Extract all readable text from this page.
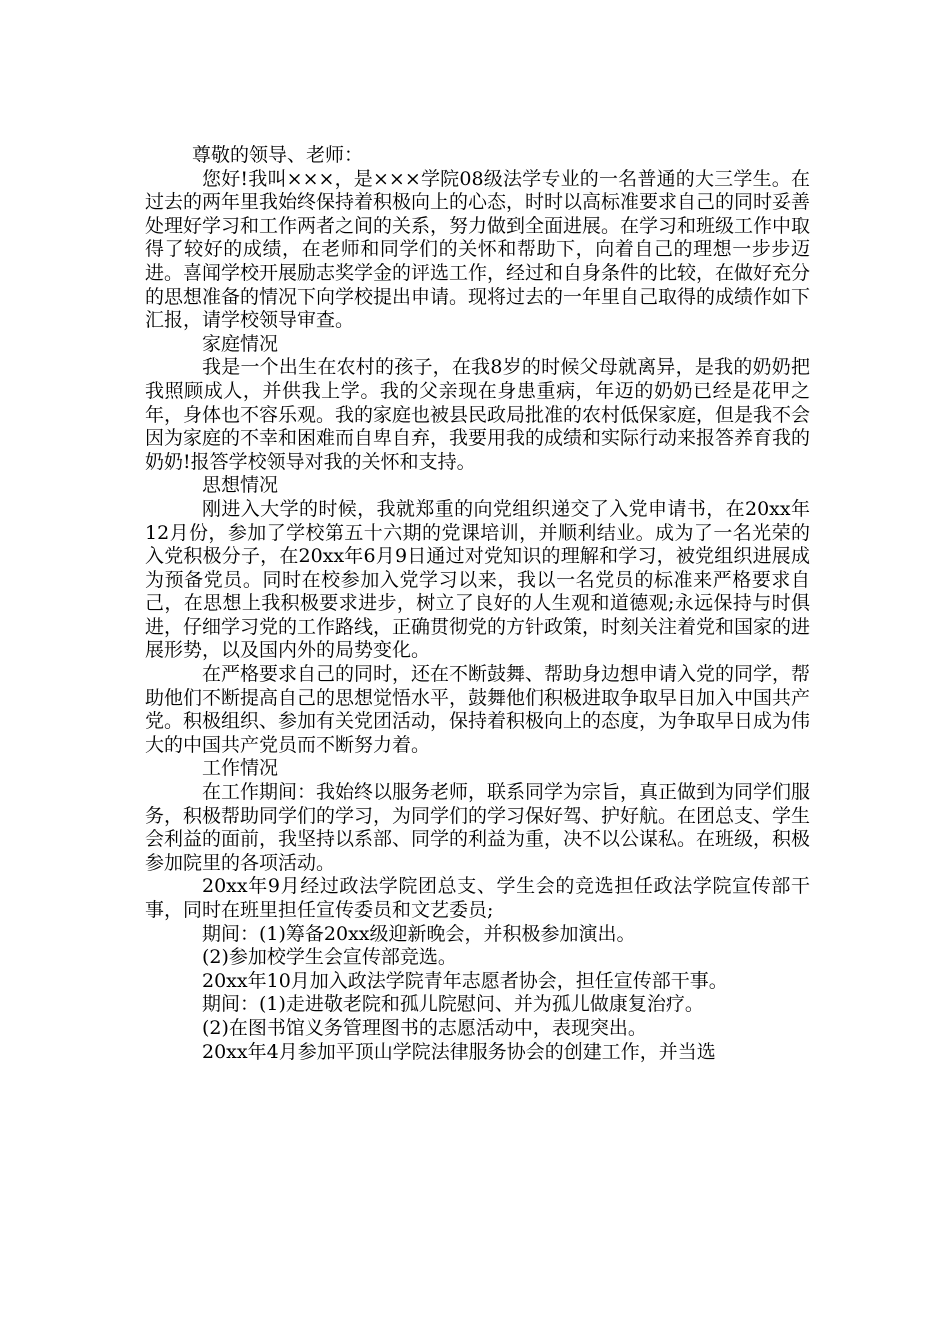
尊敬的领导、老师：

您好!我叫×××，是×××学院08级法学专业的一名普通的大三学生。在过去的两年里我始终保持着积极向上的心态，时时以高标准要求自己的同时妥善处理好学习和工作两者之间的关系，努力做到全面进展。在学习和班级工作中取得了较好的成绩，在老师和同学们的关怀和帮助下，向着自己的理想一步步迈进。喜闻学校开展励志奖学金的评选工作，经过和自身条件的比较，在做好充分的思想准备的情况下向学校提出申请。现将过去的一年里自己取得的成绩作如下汇报，请学校领导审查。

家庭情况

我是一个出生在农村的孩子，在我8岁的时候父母就离异，是我的奶奶把我照顾成人，并供我上学。我的父亲现在身患重病，年迈的奶奶已经是花甲之年，身体也不容乐观。我的家庭也被县民政局批准的农村低保家庭，但是我不会因为家庭的不幸和困难而自卑自弃，我要用我的成绩和实际行动来报答养育我的奶奶!报答学校领导对我的关怀和支持。

思想情况

刚进入大学的时候，我就郑重的向党组织递交了入党申请书，在20xx年12月份，参加了学校第五十六期的党课培训，并顺利结业。成为了一名光荣的入党积极分子，在20xx年6月9日通过对党知识的理解和学习，被党组织进展成为预备党员。同时在校参加入党学习以来，我以一名党员的标准来严格要求自己，在思想上我积极要求进步，树立了良好的人生观和道德观;永远保持与时俱进，仔细学习党的工作路线，正确贯彻党的方针政策，时刻关注着党和国家的进展形势，以及国内外的局势变化。

在严格要求自己的同时，还在不断鼓舞、帮助身边想申请入党的同学，帮助他们不断提高自己的思想觉悟水平，鼓舞他们积极进取争取早日加入中国共产党。积极组织、参加有关党团活动，保持着积极向上的态度，为争取早日成为伟大的中国共产党员而不断努力着。

工作情况

在工作期间：我始终以服务老师，联系同学为宗旨，真正做到为同学们服务，积极帮助同学们的学习，为同学们的学习保好驾、护好航。在团总支、学生会利益的面前，我坚持以系部、同学的利益为重，决不以公谋私。在班级，积极参加院里的各项活动。

20xx年9月经过政法学院团总支、学生会的竞选担任政法学院宣传部干事，同时在班里担任宣传委员和文艺委员;

期间：(1)筹备20xx级迎新晚会，并积极参加演出。

(2)参加校学生会宣传部竞选。

20xx年10月加入政法学院青年志愿者协会，担任宣传部干事。

期间：(1)走进敬老院和孤儿院慰问、并为孤儿做康复治疗。

(2)在图书馆义务管理图书的志愿活动中，表现突出。

20xx年4月参加平顶山学院法律服务协会的创建工作，并当选
